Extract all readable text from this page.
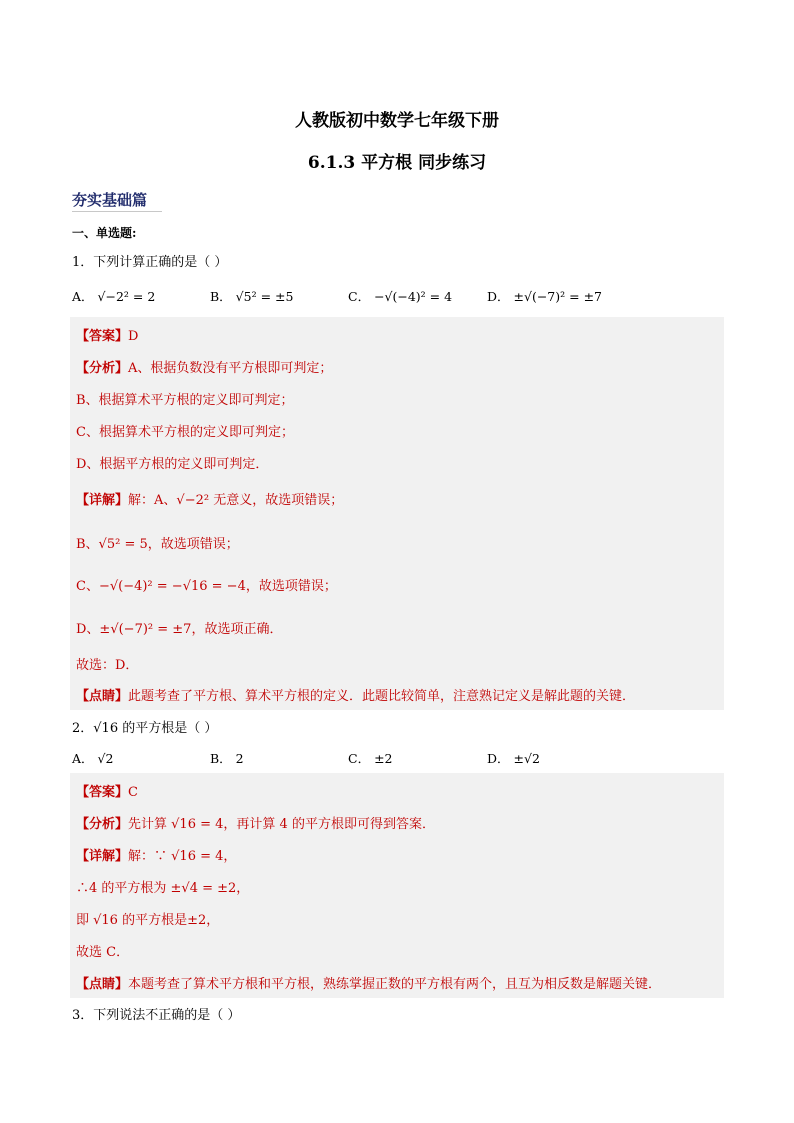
人教版初中数学七年级下册
6.1.3 平方根 同步练习
夯实基础篇
一、单选题:
1．下列计算正确的是（ ）
A． √−2² = 2	B． √5² = ±5	C． −√(−4)² = 4	D． ±√(−7)² = ±7
【答案】D
【分析】A、根据负数没有平方根即可判定；
B、根据算术平方根的定义即可判定；
C、根据算术平方根的定义即可判定；
D、根据平方根的定义即可判定．
【详解】解：A、√−2² 无意义，故选项错误；
B、√5² = 5，故选项错误；
C、−√(−4)² = −√16 = −4，故选项错误；
D、±√(−7)² = ±7，故选项正确．
故选：D．
【点睛】此题考查了平方根、算术平方根的定义．此题比较简单，注意熟记定义是解此题的关键．
2．√16 的平方根是（ ）
A． √2	B． 2	C． ±2	D． ±√2
【答案】C
【分析】先计算 √16 = 4，再计算 4 的平方根即可得到答案．
【详解】解：∵ √16 = 4，
∴4 的平方根为 ±√4 = ±2，
即 √16 的平方根是±2，
故选 C．
【点睛】本题考查了算术平方根和平方根，熟练掌握正数的平方根有两个，且互为相反数是解题关键．
3．下列说法不正确的是（ ）
